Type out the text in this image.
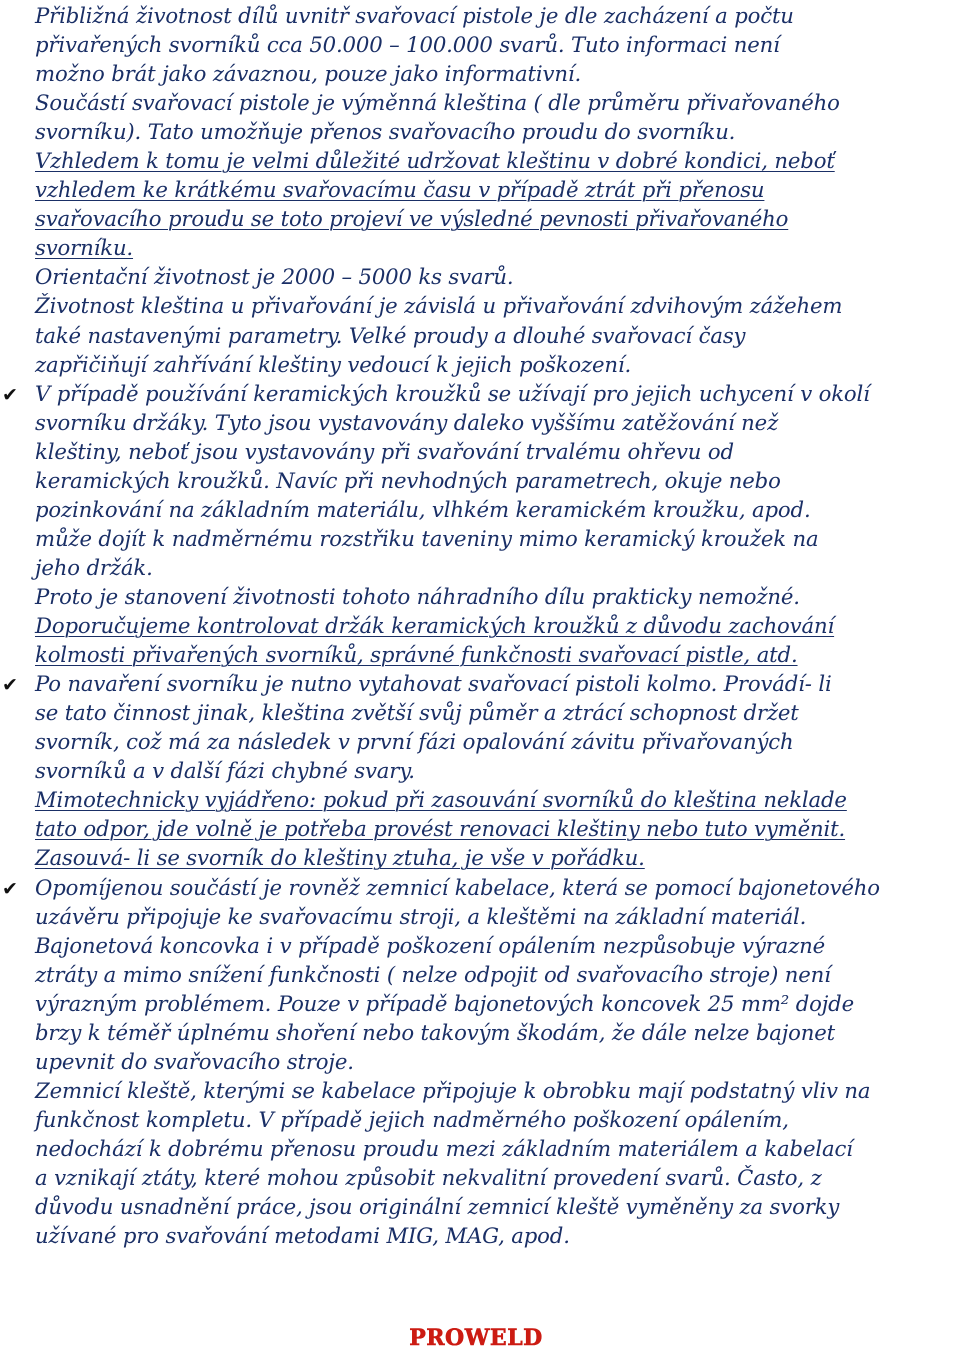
Přibližná životnost dílů uvnitř svařovací pistole je dle zacházení a počtu
přivařených svorníků cca 50.000 – 100.000 svarů. Tuto informaci není
možno brát jako závaznou, pouze jako informativní.
Součástí svařovací pistole je výměnná kleština ( dle průměru přivařovaného
svorníku). Tato umožňuje přenos svařovacího proudu do svorníku.
Vzhledem k tomu je velmi důležité udržovat kleštinu v dobré kondici, neboť
vzhledem ke krátkému svařovacímu času v případě ztrát při přenosu
svařovacího proudu se toto projeví ve výsledné pevnosti přivařovaného
svorníku.
Orientační životnost je 2000 – 5000 ks svarů.
Životnost kleština u přivařování je závislá u přivařování zdvihovým zážehem
také nastavenými parametry. Velké proudy a dlouhé svařovací časy
zapřičiňují zahřívání kleštiny vedoucí k jejich poškození.
✔ V případě používání keramických kroužků se užívají pro jejich uchycení v okolí
svorníku držáky. Tyto jsou vystavovány daleko vyššímu zatěžování než
kleštiny, neboť jsou vystavovány při svařování trvalému ohřevu od
keramických kroužků. Navíc při nevhodných parametrech, okuje nebo
pozinkování na základním materiálu, vlhkém keramickém kroužku, apod.
může dojít k nadměrnému rozstřiku taveniny mimo keramický kroužek na
jeho držák.
Proto je stanovení životnosti tohoto náhradního dílu prakticky nemožné.
Doporučujeme kontrolovat držák keramických kroužků z důvodu zachování
kolmosti přivařených svorníků, správné funkčnosti svařovací pistle, atd.
✔ Po navaření svorníku je nutno vytahovat svařovací pistoli kolmo. Provádí- li
se tato činnost jinak, kleština zvětší svůj půměr a ztrácí schopnost držet
svorník, což má za následek v první fázi opalování závitu přivařovaných
svorníků a v další fázi chybné svary.
Mimotechnicky vyjádřeno: pokud při zasouvání svorníků do kleština neklade
tato odpor, jde volně je potřeba provést renovaci kleštiny nebo tuto vyměnit.
Zasouvá- li se svorník do kleštiny ztuha, je vše v pořádku.
✔ Opomíjenou součástí je rovněž zemnicí kabelace, která se pomocí bajonetového
uzávěru připojuje ke svařovacímu stroji, a kleštěmi na základní materiál.
Bajonetová koncovka i v případě poškození opálením nezpůsobuje výrazné
ztráty a mimo snížení funkčnosti ( nelze odpojit od svařovacího stroje) není
výrazným problémem. Pouze v případě bajonetových koncovek 25 mm² dojde
brzy k téměř úplnému shoření nebo takovým škodám, že dále nelze bajonet
upevnit do svařovacího stroje.
Zemnicí kleště, kterými se kabelace připojuje k obrobku mají podstatný vliv na
funkčnost kompletu. V případě jejich nadměrného poškození opálením,
nedochází k dobrému přenosu proudu mezi základním materiálem a kabelací
a vznikají ztáty, které mohou způsobit nekvalitní provedení svarů. Často, z
důvodu usnadnění práce, jsou originální zemnicí kleště vyměněny za svorky
užívané pro svařování metodami MIG, MAG, apod.
PROWELD
